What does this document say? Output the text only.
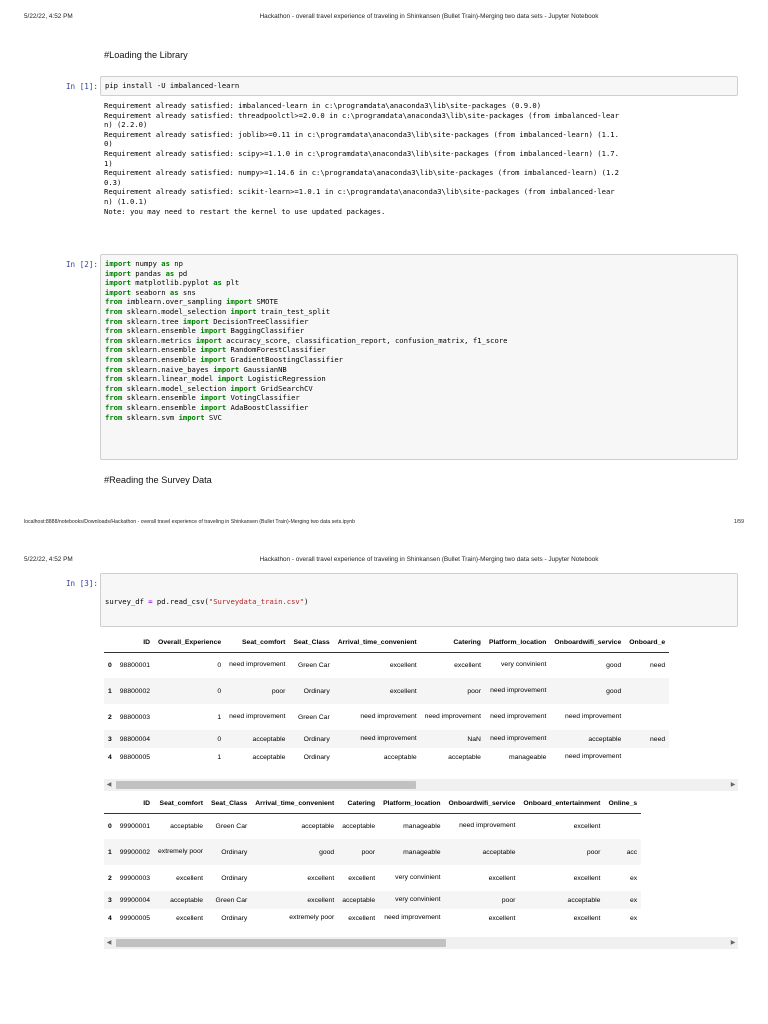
5/22/22, 4:52 PM	Hackathon - overall travel experience of traveling in Shinkansen (Bullet Train)-Merging two data sets - Jupyter Notebook
#Loading the Library
In [1]: pip install -U imbalanced-learn
Requirement already satisfied: imbalanced-learn in c:\programdata\anaconda3\lib\site-packages (0.9.0)
Requirement already satisfied: threadpoolctl>=2.0.0 in c:\programdata\anaconda3\lib\site-packages (from imbalanced-lear
n) (2.2.0)
Requirement already satisfied: joblib>=0.11 in c:\programdata\anaconda3\lib\site-packages (from imbalanced-learn) (1.1.
0)
Requirement already satisfied: scipy>=1.1.0 in c:\programdata\anaconda3\lib\site-packages (from imbalanced-learn) (1.7.
1)
Requirement already satisfied: numpy>=1.14.6 in c:\programdata\anaconda3\lib\site-packages (from imbalanced-learn) (1.2
0.3)
Requirement already satisfied: scikit-learn>=1.0.1 in c:\programdata\anaconda3\lib\site-packages (from imbalanced-lear
n) (1.0.1)
Note: you may need to restart the kernel to use updated packages.
In [2]: import numpy as np
import pandas as pd
import matplotlib.pyplot as plt
import seaborn as sns
from imblearn.over_sampling import SMOTE
from sklearn.model_selection import train_test_split
from sklearn.tree import DecisionTreeClassifier
from sklearn.ensemble import BaggingClassifier
from sklearn.metrics import accuracy_score, classification_report, confusion_matrix, f1_score
from sklearn.ensemble import RandomForestClassifier
from sklearn.ensemble import GradientBoostingClassifier
from sklearn.naive_bayes import GaussianNB
from sklearn.linear_model import LogisticRegression
from sklearn.model_selection import GridSearchCV
from sklearn.ensemble import VotingClassifier
from sklearn.ensemble import AdaBoostClassifier
from sklearn.svm import SVC
#Reading the Survey Data
localhost:8888/notebooks/Downloads/Hackathon - overall travel experience of traveling in Shinkansen (Bullet Train)-Merging two data sets.ipynb	1/59
5/22/22, 4:52 PM	Hackathon - overall travel experience of traveling in Shinkansen (Bullet Train)-Merging two data sets - Jupyter Notebook
In [3]:

survey_df = pd.read_csv("Surveydata_train.csv")

	ID	Overall_Experience	Seat_comfort	Seat_Class	Arrival_time_convenient	Catering	Platform_location	Onboardwifi_service	Onboard_e
0	98800001	0	need improvement	Green Car	excellent	excellent	very convinient	good	need
1	98800002	0	poor	Ordinary	excellent	poor	need improvement	good	
2	98800003	1	need improvement	Green Car	need improvement	need improvement	need improvement	need improvement	
3	98800004	0	acceptable	Ordinary	need improvement	NaN	need improvement	acceptable	need
4	98800005	1	acceptable	Ordinary	acceptable	acceptable	manageable	need improvement	
◀	▶
	ID	Seat_comfort	Seat_Class	Arrival_time_convenient	Catering	Platform_location	Onboardwifi_service	Onboard_entertainment	Online_s
0	99900001	acceptable	Green Car	acceptable	acceptable	manageable	need improvement	excellent	
1	99900002	extremely poor	Ordinary	good	poor	manageable	acceptable	poor	acc
2	99900003	excellent	Ordinary	excellent	excellent	very convinient	excellent	excellent	ex
3	99900004	acceptable	Green Car	excellent	acceptable	very convinient	poor	acceptable	ex
4	99900005	excellent	Ordinary	extremely poor	excellent	need improvement	excellent	excellent	ex
◀	▶
